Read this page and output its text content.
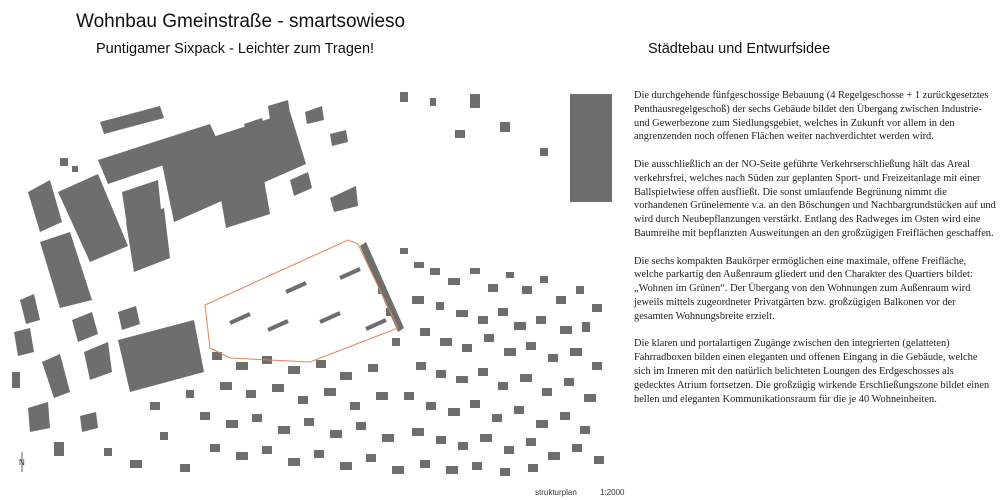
Wohnbau Gmeinstraße - smartsowieso
Puntigamer Sixpack - Leichter zum Tragen!	Städtebau und Entwurfsidee
N
strukturplan	1:2000

Die durchgehende fünfgeschossige Bebauung (4 Regelgeschosse + 1 zurückgesetztes Penthausregelgeschoß) der sechs Gebäude bildet den Übergang zwischen Industrie- und Gewerbezone zum Siedlungsgebiet, welches in Zukunft vor allem in den angrenzenden noch offenen Flächen weiter nachverdichtet werden wird.

Die ausschließlich an der NO-Seite geführte Verkehrserschließung hält das Areal verkehrsfrei, welches nach Süden zur geplanten Sport- und Freizeitanlage mit einer Ballspielwiese offen ausfließt. Die sonst umlaufende Begrünung nimmt die vorhandenen Grünelemente v.a. an den Böschungen und Nachbargrundstücken auf und wird durch Neubepflanzungen verstärkt. Entlang des Radweges im Osten wird eine Baumreihe mit bepflanzten Ausweitungen an den großzügigen Freiflächen geschaffen.

Die sechs kompakten Baukörper ermöglichen eine maximale, offene Freifläche, welche parkartig den Außenraum gliedert und den Charakter des Quartiers bildet: „Wohnen im Grünen“. Der Übergang von den Wohnungen zum Außenraum wird jeweils mittels zugeordneter Privatgärten bzw. großzügigen Balkonen vor der gesamten Wohnungsbreite erzielt.

Die klaren und portalartigen Zugänge zwischen den integrierten (gelatteten) Fahrradboxen bilden einen eleganten und offenen Eingang in die Gebäude, welche sich im Inneren mit den natürlich belichteten Loungen des Erdgeschosses als gedecktes Atrium fortsetzen. Die großzügig wirkende Erschließungszone bildet einen hellen und eleganten Kommunikationsraum für die je 40 Wohneinheiten.
